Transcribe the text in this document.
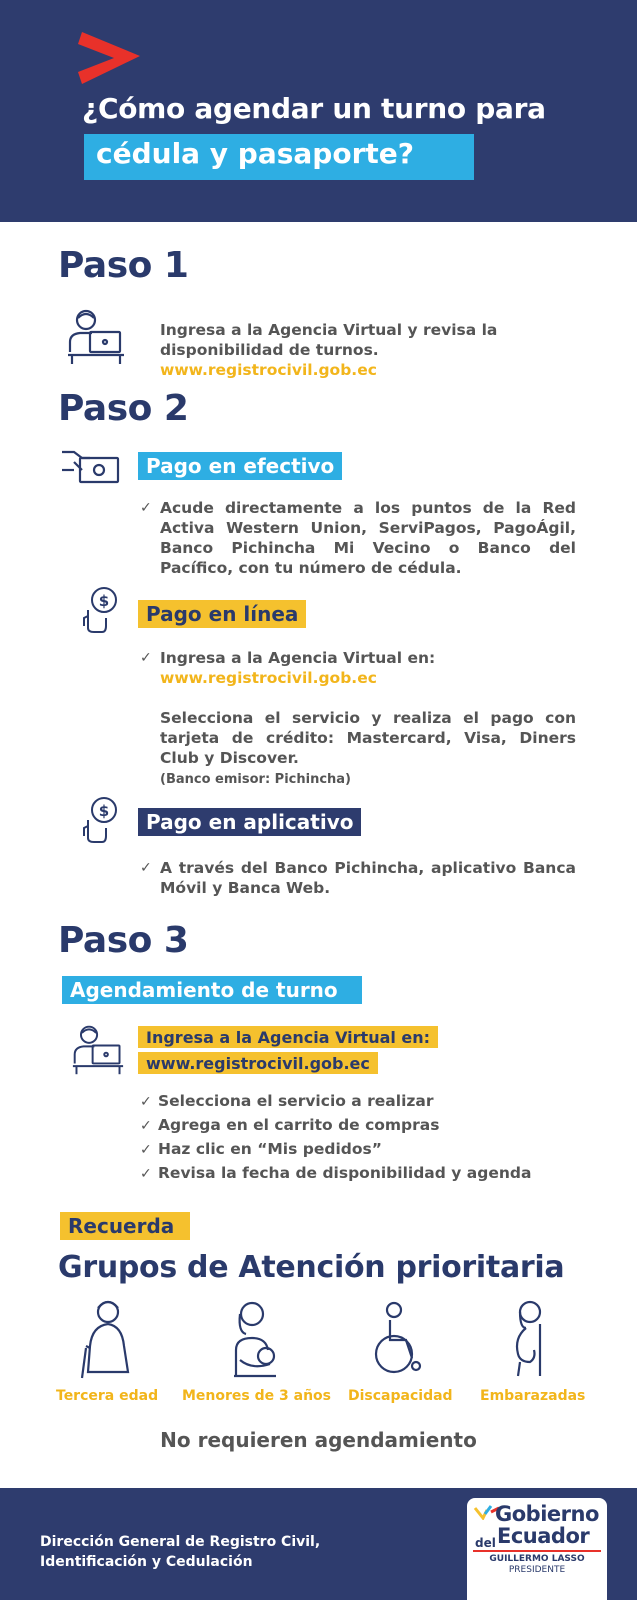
¿Cómo agendar un turno para
cédula y pasaporte?
Paso 1
Ingresa a la Agencia Virtual y revisa la
disponibilidad de turnos.
www.registrocivil.gob.ec
Paso 2
Pago en efectivo
✓ Acude directamente a los puntos de la Red Activa Western Union, ServiPagos, PagoÁgil, Banco Pichincha Mi Vecino o Banco del Pacífico, con tu número de cédula.
$
Pago en línea
✓ Ingresa a la Agencia Virtual en:
www.registrocivil.gob.ec
Selecciona el servicio y realiza el pago con tarjeta de crédito: Mastercard, Visa, Diners Club y Discover.
(Banco emisor: Pichincha)
$	Pago en aplicativo
✓ A través del Banco Pichincha, aplicativo Banca Móvil y Banca Web.
Paso 3
Agendamiento de turno
Ingresa a la Agencia Virtual en:
www.registrocivil.gob.ec
✓ Selecciona el servicio a realizar
✓ Agrega en el carrito de compras
✓ Haz clic en “Mis pedidos”
✓ Revisa la fecha de disponibilidad y agenda
Recuerda
Grupos de Atención prioritaria
Tercera edad Menores de 3 años Discapacidad Embarazadas
No requieren agendamiento
Dirección General de Registro Civil,
Identificación y Cedulación
Gobierno
del Ecuador
GUILLERMO LASSO
PRESIDENTE
